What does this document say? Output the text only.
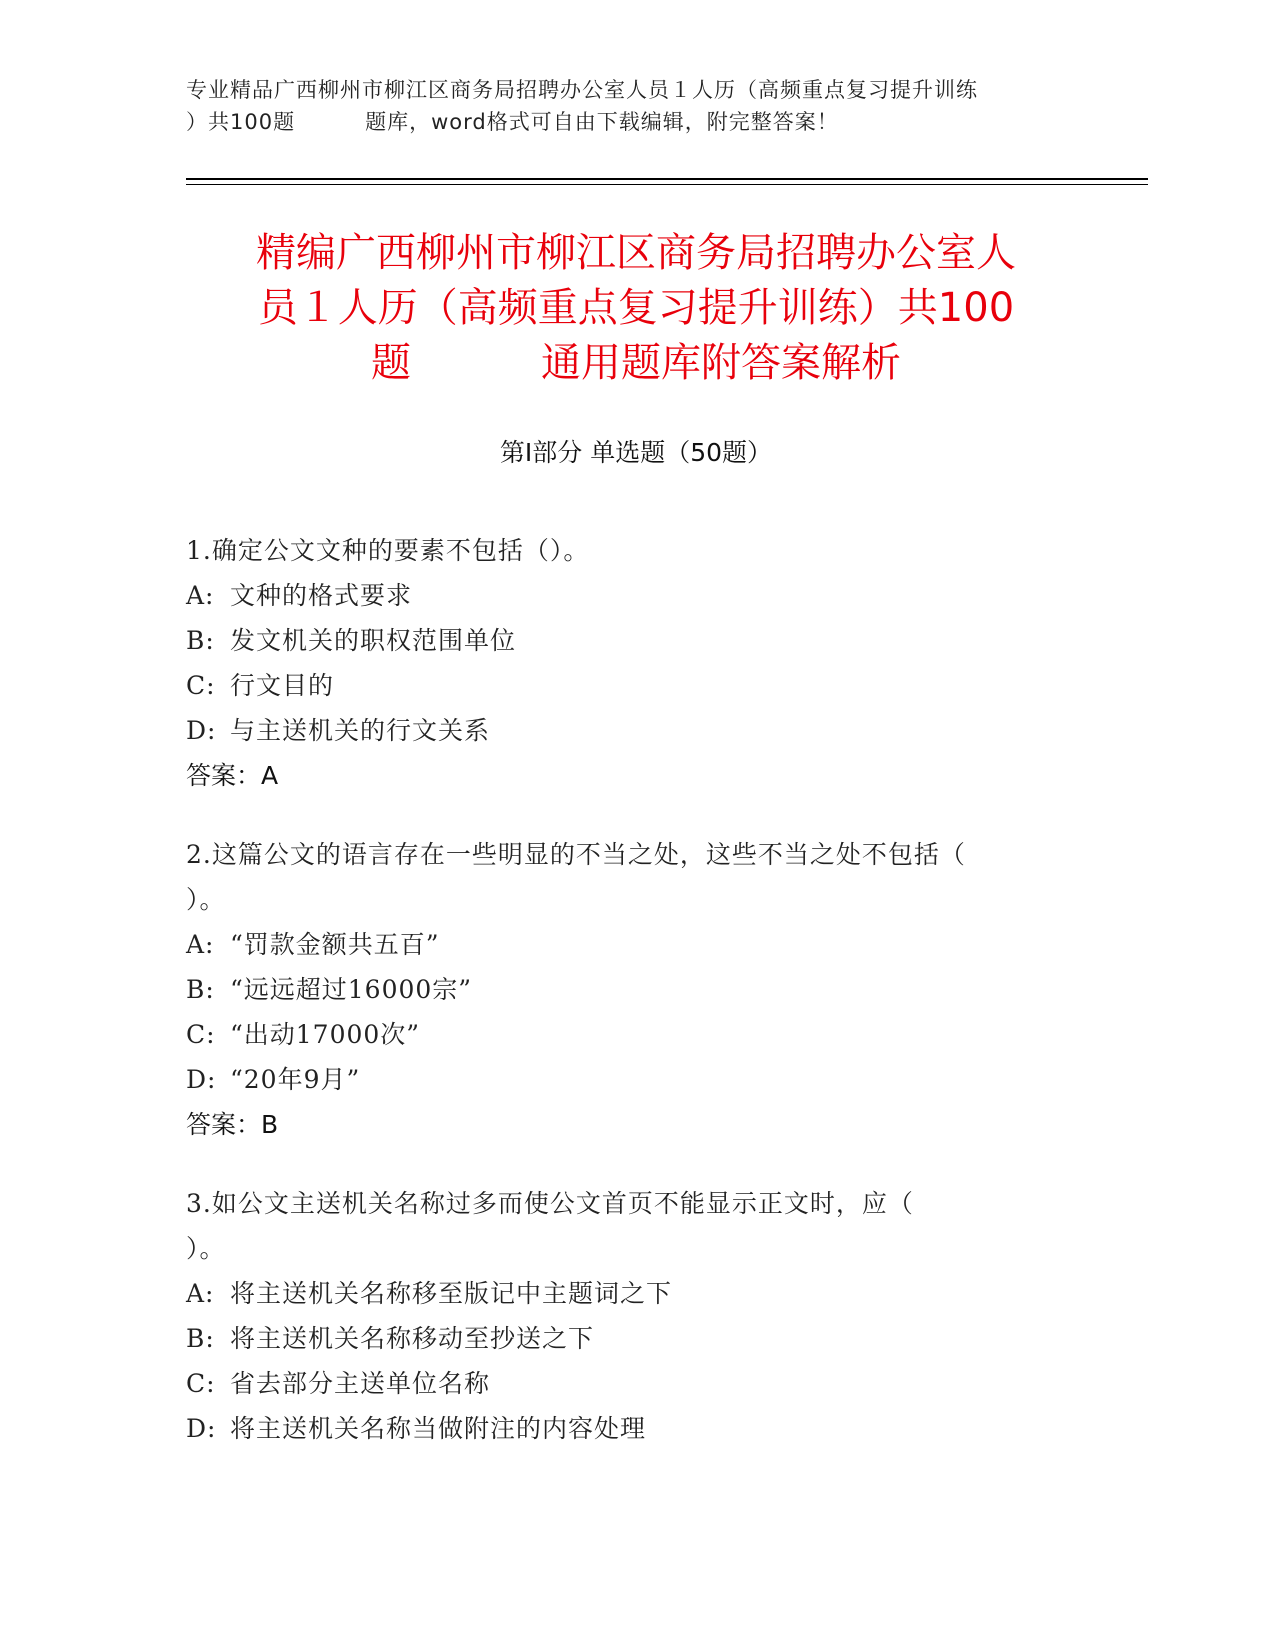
专业精品广西柳州市柳江区商务局招聘办公室人员１人历（高频重点复习提升训练
）共100题	题库，word格式可自由下载编辑，附完整答案！
精编广西柳州市柳江区商务局招聘办公室人
员１人历（高频重点复习提升训练）共100
题	通用题库附答案解析
第Ⅰ部分 单选题（50题）
1.确定公文文种的要素不包括（）。
A: 文种的格式要求
B: 发文机关的职权范围单位
C: 行文目的
D: 与主送机关的行文关系
答案：A
2.这篇公文的语言存在一些明显的不当之处，这些不当之处不包括（
）。
A: “罚款金额共五百”
B: “远远超过16000宗”
C: “出动17000次”
D: “20年9月”
答案：B
3.如公文主送机关名称过多而使公文首页不能显示正文时，应（
）。
A: 将主送机关名称移至版记中主题词之下
B: 将主送机关名称移动至抄送之下
C: 省去部分主送单位名称
D: 将主送机关名称当做附注的内容处理
